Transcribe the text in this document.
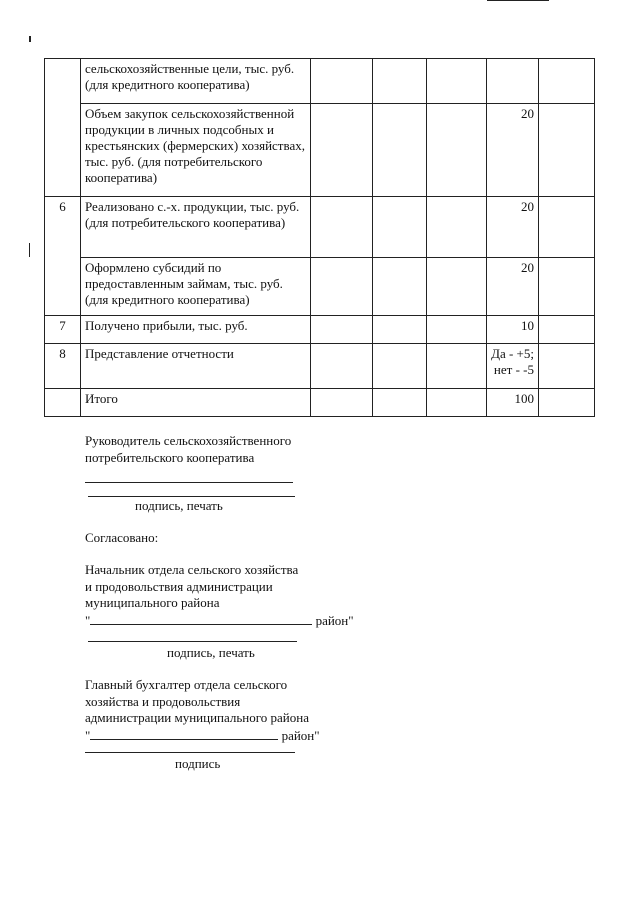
	сельскохозяйственные цели, тыс. руб. (для кредитного кооператива)					
	Объем закупок сельскохозяйственной продукции в личных подсобных и крестьянских (фермерских) хозяйствах, тыс. руб. (для потребительского кооператива)				20	
6	Реализовано с.-х. продукции, тыс. руб. (для потребительского кооператива)				20	
	Оформлено субсидий по предоставленным займам, тыс. руб. (для кредитного кооператива)				20	
7	Получено прибыли, тыс. руб.				10	
8	Представление отчетности				Да - +5; нет - -5	
	Итого				100	

Руководитель сельскохозяйственного

потребительского кооператива

подпись, печать

Согласовано:

Начальник отдела сельского хозяйства

и продовольствия администрации

муниципального района

"	район"

подпись, печать

Главный бухгалтер отдела сельского

хозяйства и продовольствия

администрации муниципального района

"	район"

подпись
